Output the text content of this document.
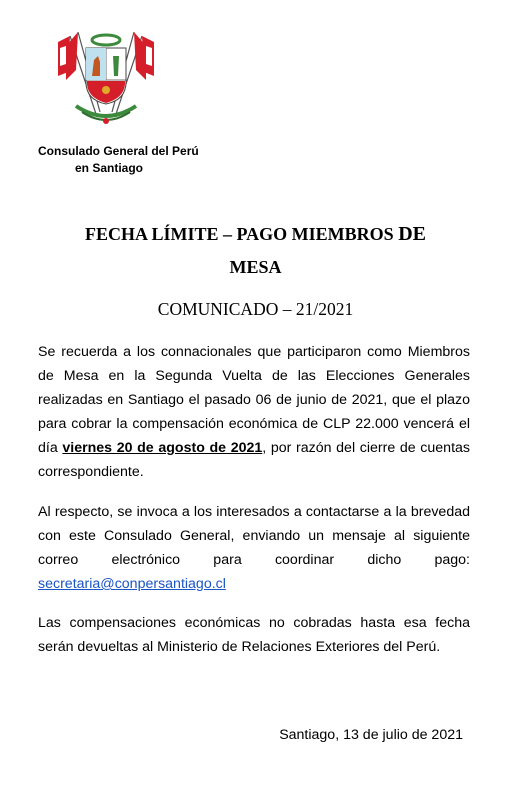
Consulado General del Perú
en Santiago
FECHA LÍMITE – PAGO MIEMBROS DE
MESA
COMUNICADO – 21/2021

Se recuerda a los connacionales que participaron como Miembros de Mesa en la Segunda Vuelta de las Elecciones Generales realizadas en Santiago el pasado 06 de junio de 2021, que el plazo para cobrar la compensación económica de CLP 22.000 vencerá el día viernes 20 de agosto de 2021, por razón del cierre de cuentas correspondiente.

Al respecto, se invoca a los interesados a contactarse a la brevedad con este Consulado General, enviando un mensaje al siguiente correo electrónico para coordinar dicho pago: secretaria@conpersantiago.cl

Las compensaciones económicas no cobradas hasta esa fecha serán devueltas al Ministerio de Relaciones Exteriores del Perú.

Santiago, 13 de julio de 2021
